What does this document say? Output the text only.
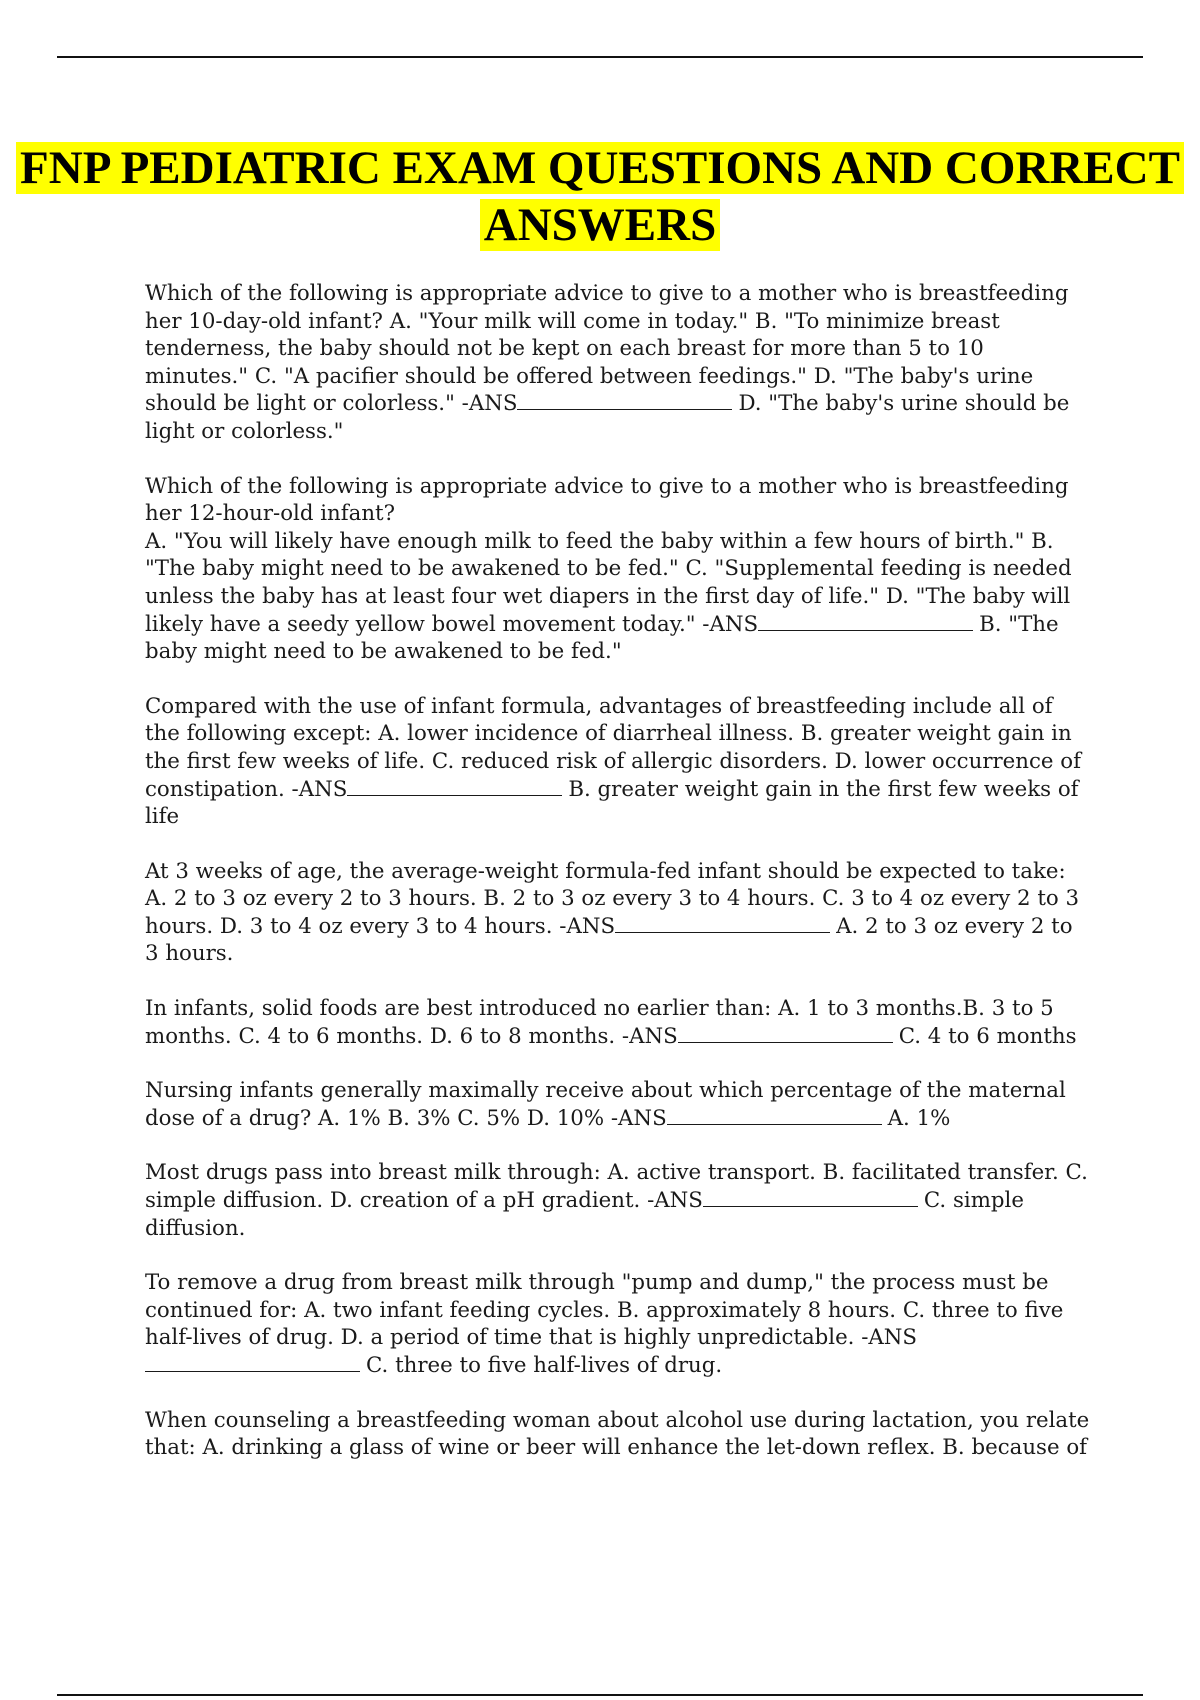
FNP PEDIATRIC EXAM QUESTIONS AND CORRECT ANSWERS
Which of the following is appropriate advice to give to a mother who is breastfeeding her 10-day-old infant? A. "Your milk will come in today." B. "To minimize breast tenderness, the baby should not be kept on each breast for more than 5 to 10 minutes." C. "A pacifier should be offered between feedings." D. "The baby's urine should be light or colorless." -ANS	D. "The baby's urine should be light or colorless."
Which of the following is appropriate advice to give to a mother who is breastfeeding her 12-hour-old infant?
A. "You will likely have enough milk to feed the baby within a few hours of birth." B. "The baby might need to be awakened to be fed." C. "Supplemental feeding is needed unless the baby has at least four wet diapers in the first day of life." D. "The baby will likely have a seedy yellow bowel movement today." -ANS	B. "The baby might need to be awakened to be fed."
Compared with the use of infant formula, advantages of breastfeeding include all of the following except: A. lower incidence of diarrheal illness. B. greater weight gain in the first few weeks of life. C. reduced risk of allergic disorders. D. lower occurrence of constipation. -ANS	B. greater weight gain in the first few weeks of life
At 3 weeks of age, the average-weight formula-fed infant should be expected to take: A. 2 to 3 oz every 2 to 3 hours. B. 2 to 3 oz every 3 to 4 hours. C. 3 to 4 oz every 2 to 3 hours. D. 3 to 4 oz every 3 to 4 hours. -ANS	A. 2 to 3 oz every 2 to 3 hours.
In infants, solid foods are best introduced no earlier than: A. 1 to 3 months.B. 3 to 5 months. C. 4 to 6 months. D. 6 to 8 months. -ANS	C. 4 to 6 months
Nursing infants generally maximally receive about which percentage of the maternal dose of a drug? A. 1% B. 3% C. 5% D. 10% -ANS	A. 1%
Most drugs pass into breast milk through: A. active transport. B. facilitated transfer. C. simple diffusion. D. creation of a pH gradient. -ANS	C. simple diffusion.
To remove a drug from breast milk through "pump and dump," the process must be continued for: A. two infant feeding cycles. B. approximately 8 hours. C. three to five half-lives of drug. D. a period of time that is highly unpredictable. -ANSC. three to five half-lives of drug.
When counseling a breastfeeding woman about alcohol use during lactation, you relate that: A. drinking a glass of wine or beer will enhance the let-down reflex. B. because of
